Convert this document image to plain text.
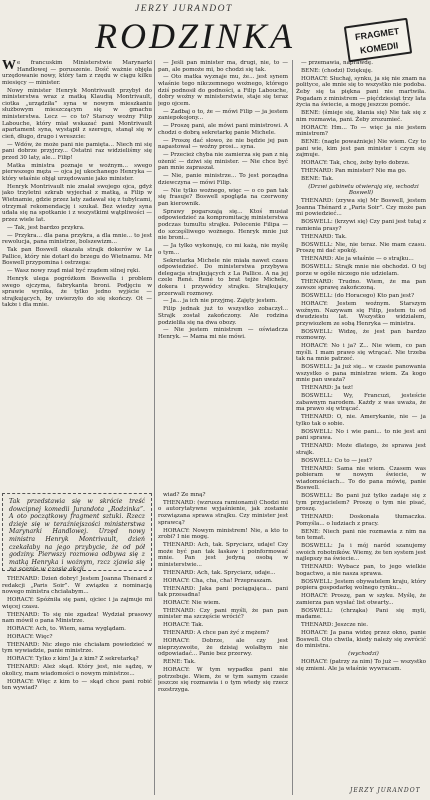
JERZY JURANDOT
RODZINKA	FRAGMET
KOMEDII

We francuskim Ministerstwie Marynarki Handlowej — poruszenie. Dość ważnie objęła urzędowanie nowy, który tam z rzędu w ciągu kilku miesięcy — minister.

Nowy minister Henryk Montrivault przybył do ministerstwa wraz z matką Klaudią Montrivault, ciotka „urządziła” syna w nowym mieszkaniu służbowym mieszczącym się w gmachu ministerstwa. Lecz — co to? Starszy wożny Filip Labouche, który miał wskazać pani Montrivault apartament syna, wystąpił z szeregu, stanął się w cień, długo, drugo i wreszcie:

— Wdów, że może pani nie pamięta... Niech mi się pani dobrze przyjrzy... Ostatni raz widzieliśmy się przed 30 laty, ale... Filip!

Matka ministra poznaje w wożnym... swego pierwszego męża — ojca jej ukochanego Henryka — który właśnie objął urzędowanie jako minister.

Henryk Montrivault nie znałał swojego ojca, gdyż jako trzyletni szkrab wyjechał z matką, a Filip w Wietnamie, gdzie przez laty zadawał się z tubylcami, otrzymał rekomendację i szukał. Bez wiedzy syna udała się na spotkanie i z wszystkimi wątpliwości — przez wiele lat.

— Tak, jest bardzo przykra.

— Przykra... dla pana przykra, a dla mnie... to jest rewolucja, pana ministrze, bolszewizm...

Tak pan Boswell okazała strajk dokerów w La Pallice, który nie dotarł do brzegu do Wietnamu. Mr Boswell przypomina i ostrzega:

— Wasz nowy rząd miał być rządem silnej ręki.

Henryk ulega pogróżkom Boswella i problem swego ojczyma, fabrykanta broni. Podjęciu w sprawie wynika, że tylko jedno wyjście — strajkujących, by uwierzyło do się skończy. Ot — także i dla mnie.

— Jeśli pan minister ma, drugi, nie, to — pan, ale pomoże mi, bo chodzi się tak.

— Oto matka wyznaje mu, że... jest synem właśnie tego nikczemnego wożnego, którego dziś podnosił do godności, a Filip Labouche, dobry woźny w ministerstwie, staje się teraz jego ojcem.

— Zadbaj o to, że — mówi Filip — ja jestem zaniepokojony...

— Proszę pani, ale mówi pani ministrowi. A chodzi o dobrą sekretarkę panie Michele.

— Proszę dać słowo, że nie będzie jej pan napastował — woźny prosi... syna.

— Przecież chyba nie zamierza się pan z nią ożenić — dziwi się minister. — Nie chce być pan mnie zapraszał.

— Nie, panie ministrze... To jest porządna dziewczyna — mówi Filip.

— Nie tylko wożnego, więc — o co pan tak się frasuje? Boswell spogląda na czerwony pan kierownik.

Sprawy pogarszają się... Ktoś musiał odpowiedzieć za kompromitację ministerstwa podczas tumultu strajku. Polecenie Filipa — do szczęśliwego wożnego. Henryk mnie już nie broni...

— Ja tylko wykonuję, co mi każą, nie myślę o tym...

Sekretarka Michele nie miała nawet czasu odpowiedzieć. Do ministerstwa przybywa delegacja strajkujących z La Pallice. A na jej czele René. René to brat tejże Michele, dokera i przywódcy strajku. Strajkujący przerwali rozmowy.

— Ja... ja ich nie przyjmę. Zajęty jestem.

Filip jednak już to wszystko zobaczył... Strajk został zakończony. Ale rodzina podzieliła się na dwa obozy.

— Nie jestem ministrem — oświadcza Henryk. — Mama mi nie mówi.

Tak przedstawia się w skrócie treść dowcipnej komedii Jurandota „Rodzinka”. A oto początkowy fragment sztuki. Rzecz dzieje się w teraźniejszości ministerstwa Marynarki Handlowej. Urzęd nowy ministra Henryk Montrivault, dzień czekałaby na jego przybycie, że od pół godziny. Pierwszy rozmowa odbywa się z matką Henryka i wożnym, rzcz zjawia się na scenie w czasie akcji.

THENARD: Dzień dobry! Jestem Joanna Thénard z redakcji „Paris Soir”. W związku z nominacją nowego ministra chciałabym...

HORACY: Spóźniła się pani, ojciec i ja zajmuje mi więcej czasu.

THENARD: To się nie zgadza! Wydział prasowy nam mówił o pana Ministrze.

HORACY: Ach, to. Wiem, sama wyglądam.

HORACY: Więc?

THENARD: Nic złego nie chciałam powiedzieć w tym wywiadzie, panie ministrze.

HORACY: Tylko z kim! Ja z kim? Z sekretarką?

THENARD: Ależ skąd. Który jest, nie sądzę, w okolicy, mam wiadomości o nowym ministrze...

HORACY: Więc z kim to — skąd chce pani robić ten wywiad?

wiad? Ze mną?

THENARD: (wzrusza ramionami) Chodzi mi o autorytatywne wyjaśnienie, jak zostanie rozwiązana sprawa strajku. Czy minister jest sprawcą?

HORACY: Nowym ministrem! Nie, a kto to zrobi? I nie mogę.

THENARD: Ach, tak. Spryciarz, udaje! Czy może być pan tak łaskaw i poinformować mnie. Pan jest jedyną osobą w ministerstwie...

THENARD: Ach, tak. Spryciarz, udaje...

HORACY: Cha, cha, cha! Przepraszam.

THENARD: Jaka pani pociągająca... pani tak przesadna!

HORACY: Nie wiem.

THENARD: Czy pani myśli, że pan pan minister ma szczęście wrócić?

HORACY: Tak.

THENARD: A chce pan żyć z mężem?

HORACY: Dobrze, ale czy jest nieprzyzwoite, że dzisiaj wolałbym nie odpowiadać... Panie bez przerwy.

RENE: Tak.

HORACY: W tym wypadku pani nie potrzebuje. Wiem, że w tym samym czasie jeszcze się rozmawia i o tym wtedy się rzecz rozstrzyga.

— przemawia, naprawdę.

BENE: (chodzi) Dziękuję.

HORACY: Słuchaj, synku, ja się nie znam na polityce, ale mnie się to wszystko nie podoba. Żeby się ta piękna pani nie martwiła. Pogadam z ministrem — pięćdziesiąt trzy lata życia na świecie, a mogę jeszcze pomóc.

BENE: (śmieje się, kłania się) Nie tak się z nim rozmawia, pani. Żeby zrozumieć.

HORACY: Hm... To — więc ja nie jestem ministrem?

BENE: (nagle poważnieje) Nie wiem. Czy to pani wie, kim jest pan minister i czym się zajmuje.

HORACY: Tak, chcę, żeby było dobrze.

THENARD: Pan minister? Nie ma go.

BENE: Tak.

(Drzwi gabinetu otwierają się, wchodzi Boswell)

THENARD: (zrywa się) Mr Boswell, jestem Joanna Thénard z „Paris Soir”. Czy może pan mi powiedzieć...

BOSWELL: (krzywi się) Czy pani jest tutaj z ramienia prasy?

THENARD: Tak.

BOSWELL: Nie, nie teraz. Nie mam czasu. Proszę mi dać spokój.

THENARD: Ale ja właśnie — o strajku...

BOSWELL: Strajk mnie nie obchodzi. O tej porze w ogóle niczego nie udzielam.

THENARD: Trudno. Wiem, że ma pan zawsze sprawę zakończoną.

BOSWELL: (do Horacego) Kto pan jest?

HORACY: Jestem woźnym. Starszym woźnym. Nazywam się Filip, jestem tu od dwudziestu lat. Wszystko widziałem, przywiozłem ze sobą Henryka — ministra.

BOSWELL: Widzę, że jest pan bardzo rozmowny.

HORACY: No i ja? Z... Nie wiem, co pan myśli. I mam prawo się wtrącać. Nie trzeba tak na mnie patrzeć.

BOSWELL: Ja już się... w czasie panowania wszystko o pana ministrze wiem. Za kogo mnie pan uważa?

THENARD: Ja też!

BOSWELL: Wy, Francuzi, jesteście zabawnym narodem. Każdy z was uważa, że ma prawo się wtrącać.

THENARD: O, nie. Amerykanie, nie — ja tylko tak o sobie.

BOSWELL: No i wie pani... to nie jest ani pani sprawa.

THENARD: Może dlatego, że sprawa jest strajk.

BOSWELL: Co to — jest?

THENARD: Sama nie wiem. Czasem was pobieram w nowym świecie, w wiadomościach... To do pana mówię, panie Boswell.

BOSWELL: Bo pani już tylko zadaje się z tym przyjacielem? Proszę o tym nie pisać, proszę.

THENARD: Doskonała tłumaczka. Pomyśla... o ludziach z pracy.

BENE: Niech pani nie rozmawia z nim na ten temat.

BOSWELL: Ja i mój naród szanujemy swoich robotników. Wiemy, że ten system jest najlepszy na świecie...

THENARD: Wybacz pan, to jego wielkie bogactwo, a nie nasza sprawa.

BOSWELL: Jestem obywatelem kraju, który popiera gospodarkę wolnego rynku...

HORACY: Proszę, pan w szyku. Myślę, że zamierza pan wysłać list otwarty...

BOSWELL: (chrząka) Pani się myli, madame.

THENARD: Jeszcze nie.

HORACY: Ja pana widzę przez okno, panie Boswell. Oto chwila, kiedy należy się zwrócić do ministra.

(wychodzi)

HORACY: (patrzy za nim) To już — wszystko się zmieni. Ale ja właśnie wywracam.

JERZY JURANDOT
